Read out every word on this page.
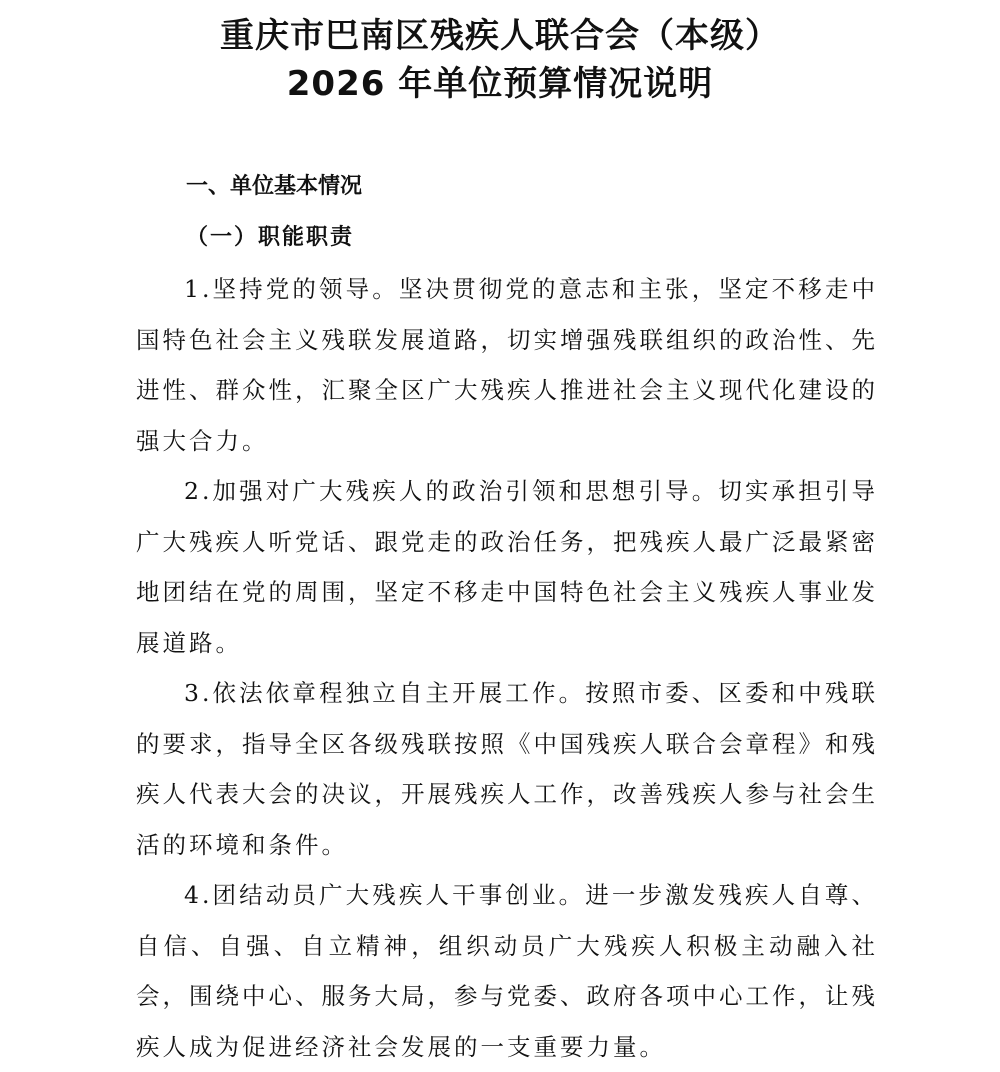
重庆市巴南区残疾人联合会（本级）
2026 年单位预算情况说明
一、单位基本情况
（一）职能职责

1.坚持党的领导。坚决贯彻党的意志和主张，坚定不移走中国特色社会主义残联发展道路，切实增强残联组织的政治性、先进性、群众性，汇聚全区广大残疾人推进社会主义现代化建设的强大合力。

2.加强对广大残疾人的政治引领和思想引导。切实承担引导广大残疾人听党话、跟党走的政治任务，把残疾人最广泛最紧密地团结在党的周围，坚定不移走中国特色社会主义残疾人事业发展道路。

3.依法依章程独立自主开展工作。按照市委、区委和中残联的要求，指导全区各级残联按照《中国残疾人联合会章程》和残疾人代表大会的决议，开展残疾人工作，改善残疾人参与社会生活的环境和条件。

4.团结动员广大残疾人干事创业。进一步激发残疾人自尊、自信、自强、自立精神，组织动员广大残疾人积极主动融入社会，围绕中心、服务大局，参与党委、政府各项中心工作，让残疾人成为促进经济社会发展的一支重要力量。
